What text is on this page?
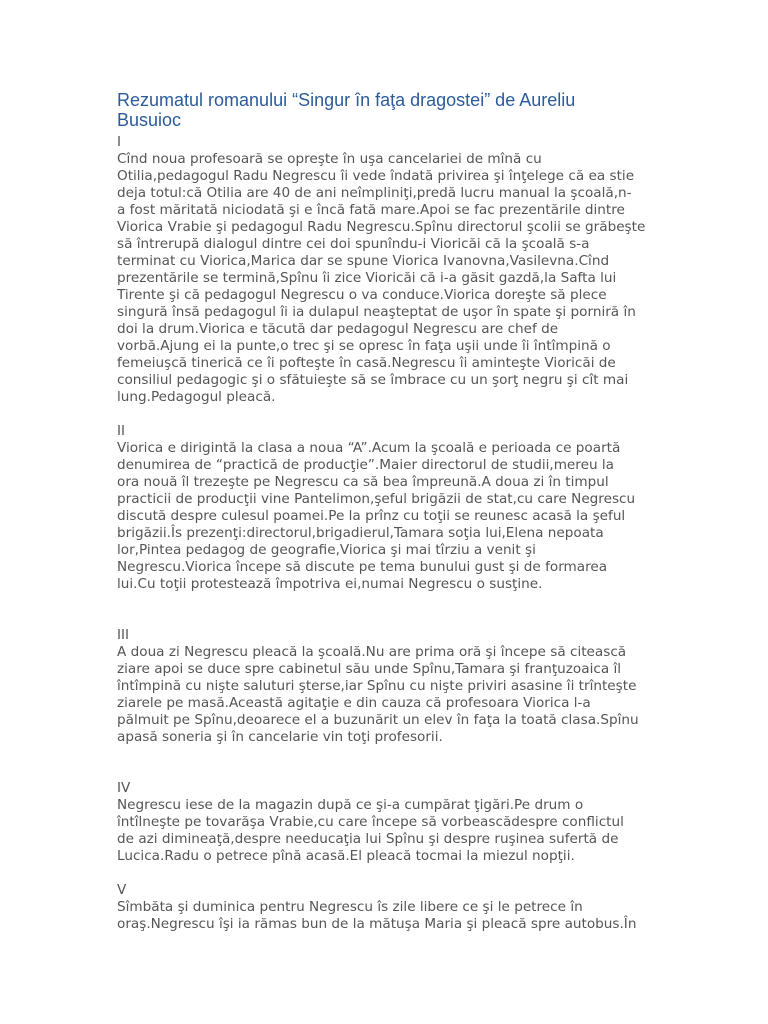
Rezumatul romanului “Singur în faţa dragostei” de Aureliu
Busuioc
I
Cînd noua profesoară se opreşte în uşa cancelariei de mînă cu
Otilia,pedagogul Radu Negrescu îi vede îndată privirea şi înţelege că ea stie
deja totul:că Otilia are 40 de ani neîmpliniţi,predă lucru manual la şcoală,n-
a fost măritată niciodată şi e încă fată mare.Apoi se fac prezentările dintre
Viorica Vrabie şi pedagogul Radu Negrescu.Spînu directorul şcolii se grăbeşte
să întrerupă dialogul dintre cei doi spunîndu-i Vioricăi că la şcoală s-a
terminat cu Viorica,Marica dar se spune Viorica Ivanovna,Vasilevna.Cînd
prezentările se termină,Spînu îi zice Vioricăi că i-a găsit gazdă,la Safta lui
Tirente şi că pedagogul Negrescu o va conduce.Viorica doreşte să plece
singură însă pedagogul îi ia dulapul neaşteptat de uşor în spate şi porniră în
doi la drum.Viorica e tăcută dar pedagogul Negrescu are chef de
vorbă.Ajung ei la punte,o trec şi se opresc în faţa uşii unde îi întîmpină o
femeiuşcă tinerică ce îi pofteşte în casă.Negrescu îi aminteşte Vioricăi de
consiliul pedagogic şi o sfătuieşte să se îmbrace cu un şorţ negru şi cît mai
lung.Pedagogul pleacă.
II
Viorica e dirigintă la clasa a noua “A”.Acum la şcoală e perioada ce poartă
denumirea de “practică de producţie”.Maier directorul de studii,mereu la
ora nouă îl trezeşte pe Negrescu ca să bea împreună.A doua zi în timpul
practicii de producţii vine Pantelimon,şeful brigăzii de stat,cu care Negrescu
discută despre culesul poamei.Pe la prînz cu toţii se reunesc acasă la şeful
brigăzii.Îs prezenţi:directorul,brigadierul,Tamara soţia lui,Elena nepoata
lor,Pintea pedagog de geografie,Viorica şi mai tîrziu a venit şi
Negrescu.Viorica începe să discute pe tema bunului gust şi de formarea
lui.Cu toţii protestează împotriva ei,numai Negrescu o susţine.
III
A doua zi Negrescu pleacă la şcoală.Nu are prima oră şi începe să citească
ziare apoi se duce spre cabinetul său unde Spînu,Tamara şi franţuzoaica îl
întîmpină cu nişte saluturi şterse,iar Spînu cu nişte priviri asasine îi trînteşte
ziarele pe masă.Această agitaţie e din cauza că profesoara Viorica l-a
pălmuit pe Spînu,deoarece el a buzunărit un elev în faţa la toată clasa.Spînu
apasă soneria şi în cancelarie vin toţi profesorii.
IV
Negrescu iese de la magazin după ce şi-a cumpărat ţigări.Pe drum o
întîlneşte pe tovarăşa Vrabie,cu care începe să vorbeascădespre conflictul
de azi dimineaţă,despre needucaţia lui Spînu şi despre ruşinea sufertă de
Lucica.Radu o petrece pînă acasă.El pleacă tocmai la miezul nopţii.
V
Sîmbăta şi duminica pentru Negrescu îs zile libere ce şi le petrece în
oraş.Negrescu îşi ia rămas bun de la mătuşa Maria şi pleacă spre autobus.În
